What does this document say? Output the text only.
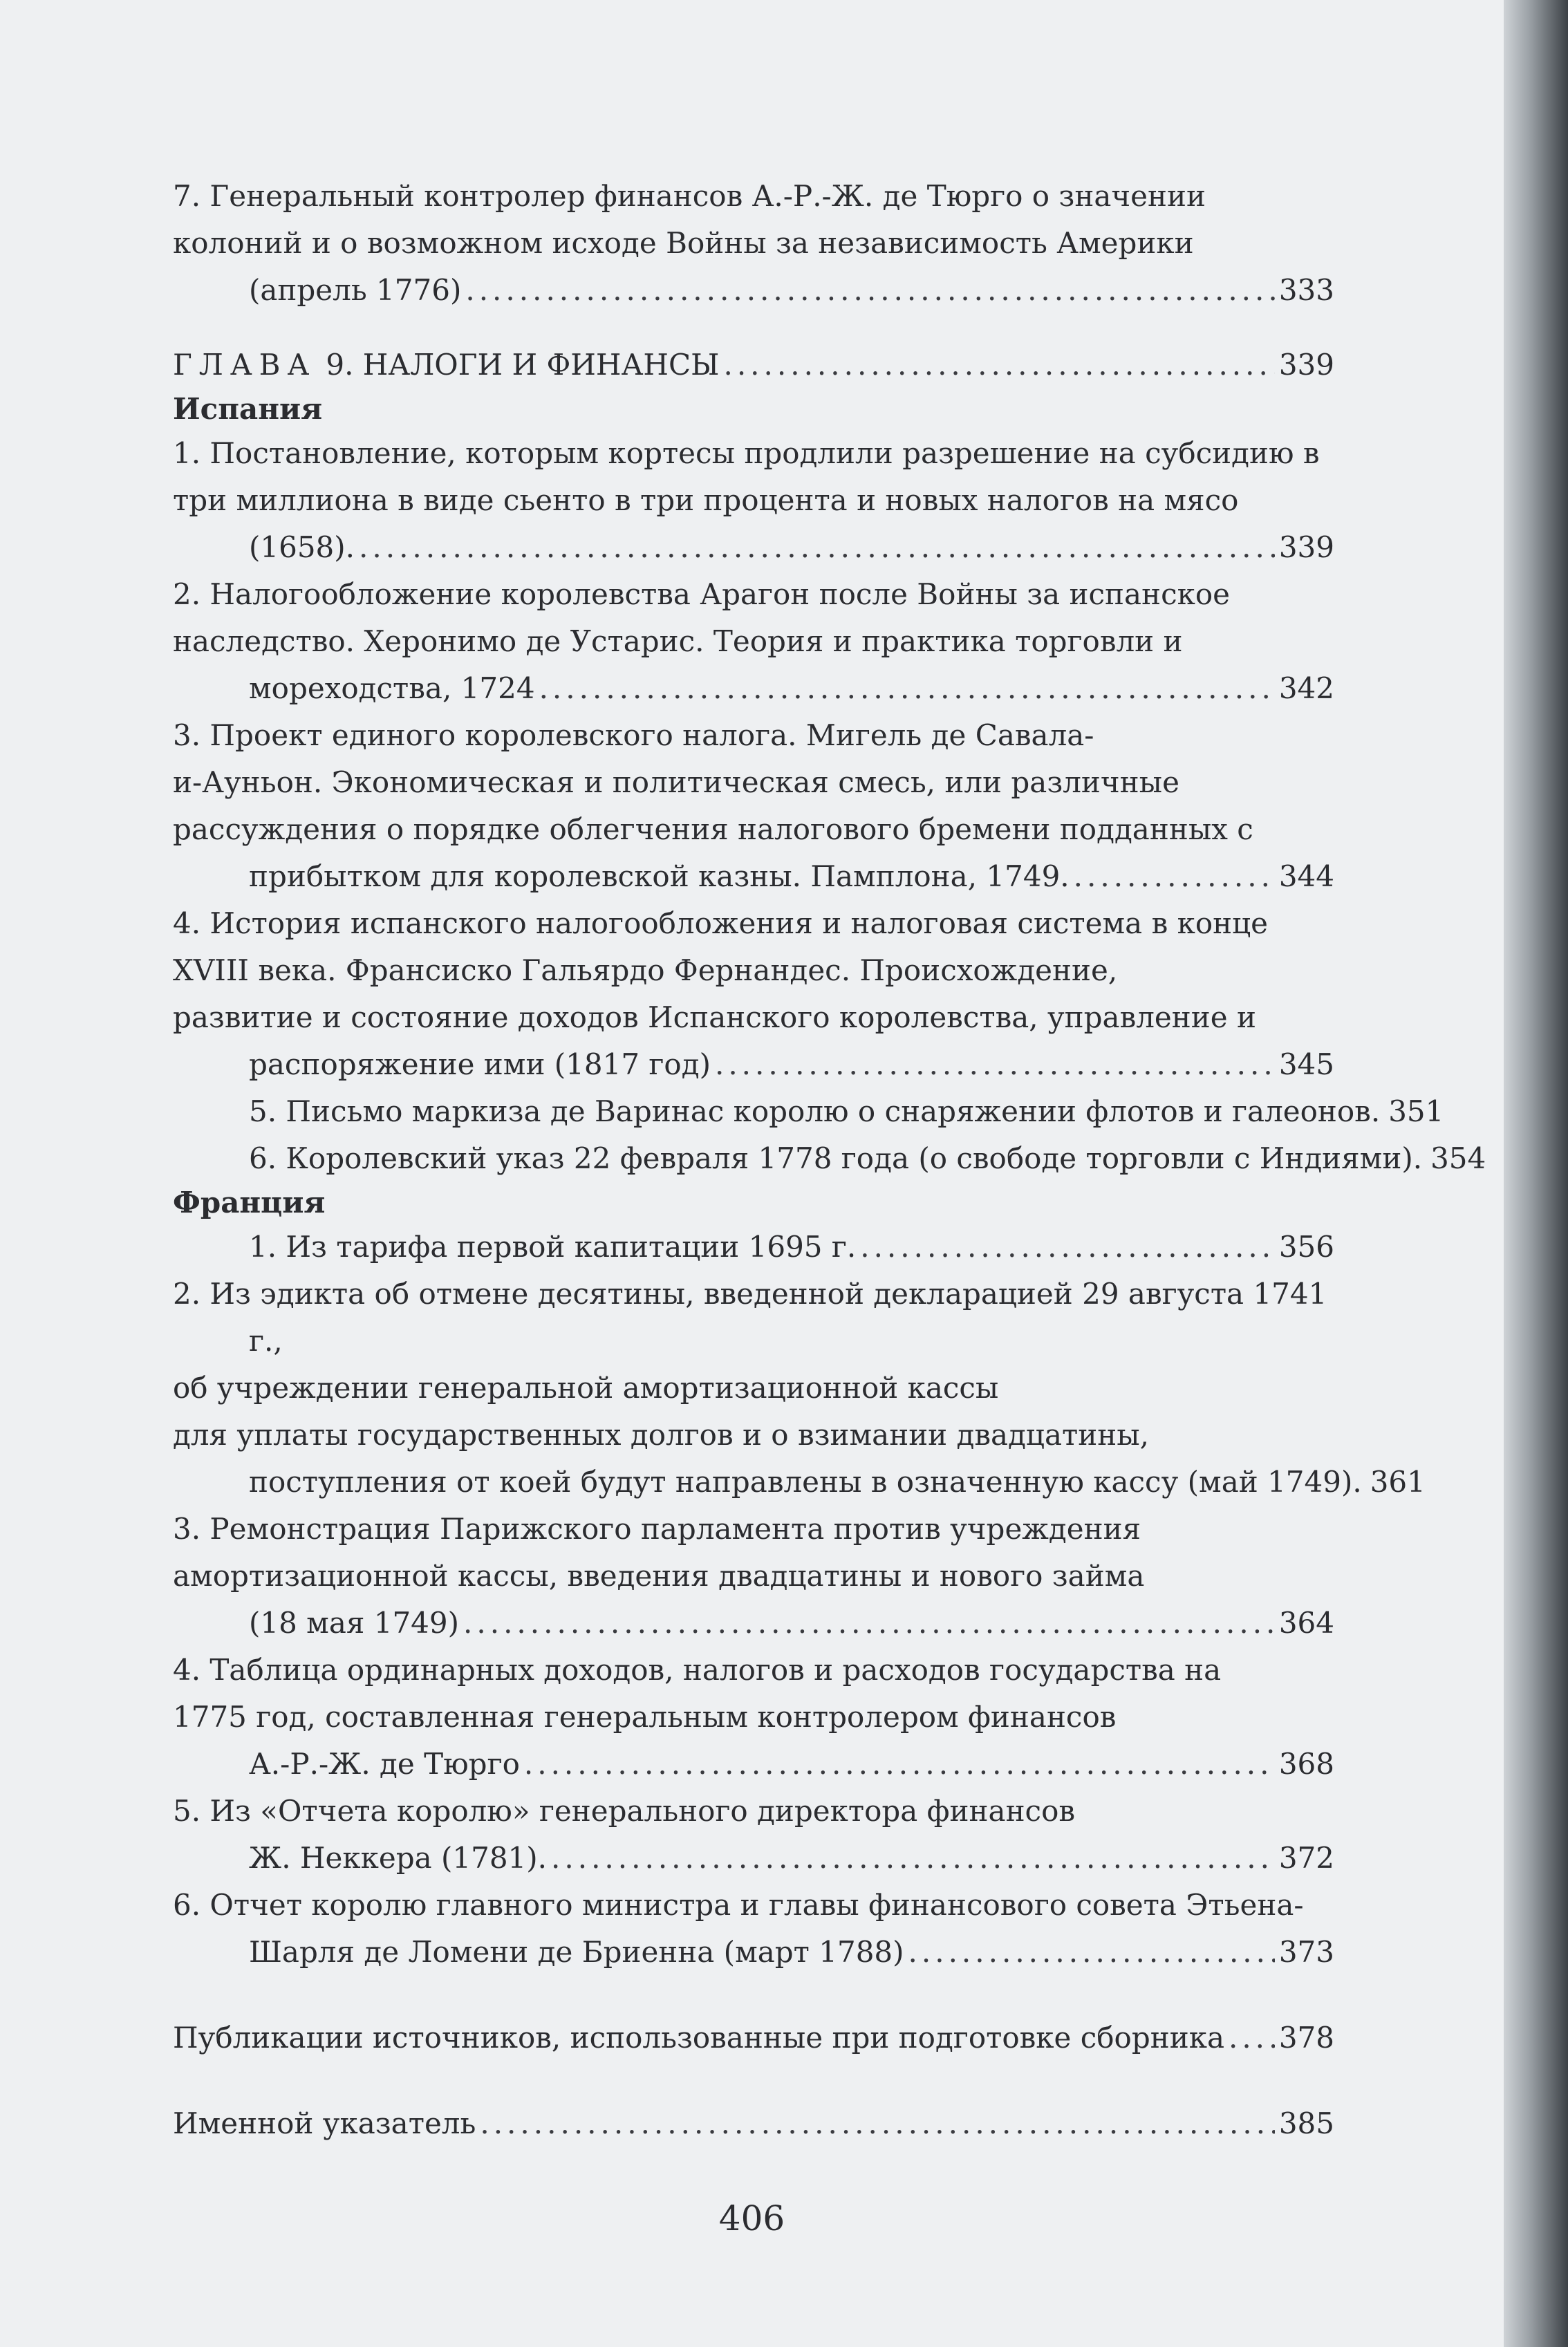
7. Генеральный контролер финансов А.-Р.-Ж. де Тюрго о значении
колоний и о возможном исходе Войны за независимость Америки
(апрель 1776) .....	333
ГЛАВА 9. НАЛОГИ И ФИНАНСЫ .....	339
Испания
1. Постановление, которым кортесы продлили разрешение на субсидию в
три миллиона в виде сьенто в три процента и новых налогов на мясо
(1658). .....	339
2. Налогообложение королевства Арагон после Войны за испанское
наследство. Херонимо де Устарис. Теория и практика торговли и
мореходства, 1724 .....	342
3. Проект единого королевского налога. Мигель де Савала-
и-Ауньон. Экономическая и политическая смесь, или различные
рассуждения о порядке облегчения налогового бремени подданных с
прибытком для королевской казны. Памплона, 1749. .....	344
4. История испанского налогообложения и налоговая система в конце
XVIII века. Франсиско Гальярдо Фернандес. Происхождение,
развитие и состояние доходов Испанского королевства, управление и
распоряжение ими (1817 год) .....	345
5. Письмо маркиза де Варинас королю о снаряжении флотов и галеонов. 351
6. Королевский указ 22 февраля 1778 года (о свободе торговли с Индиями). 354
Франция
1. Из тарифа первой капитации 1695 г. .....	356
2. Из эдикта об отмене десятины, введенной декларацией 29 августа 1741 г.,
об учреждении генеральной амортизационной кассы
для уплаты государственных долгов и о взимании двадцатины,
поступления от коей будут направлены в означенную кассу (май 1749). 361
3. Ремонстрация Парижского парламента против учреждения
амортизационной кассы, введения двадцатины и нового займа
(18 мая 1749) .....	364
4. Таблица ординарных доходов, налогов и расходов государства на
1775 год, составленная генеральным контролером финансов
А.-Р.-Ж. де Тюрго .....	368
5. Из «Отчета королю» генерального директора финансов
Ж. Неккера (1781). .....	372
6. Отчет королю главного министра и главы финансового совета Этьена-
Шарля де Ломени де Бриенна (март 1788) .....	373
Публикации источников, использованные при подготовке сборника ..... 378
Именной указатель .....	385
406
